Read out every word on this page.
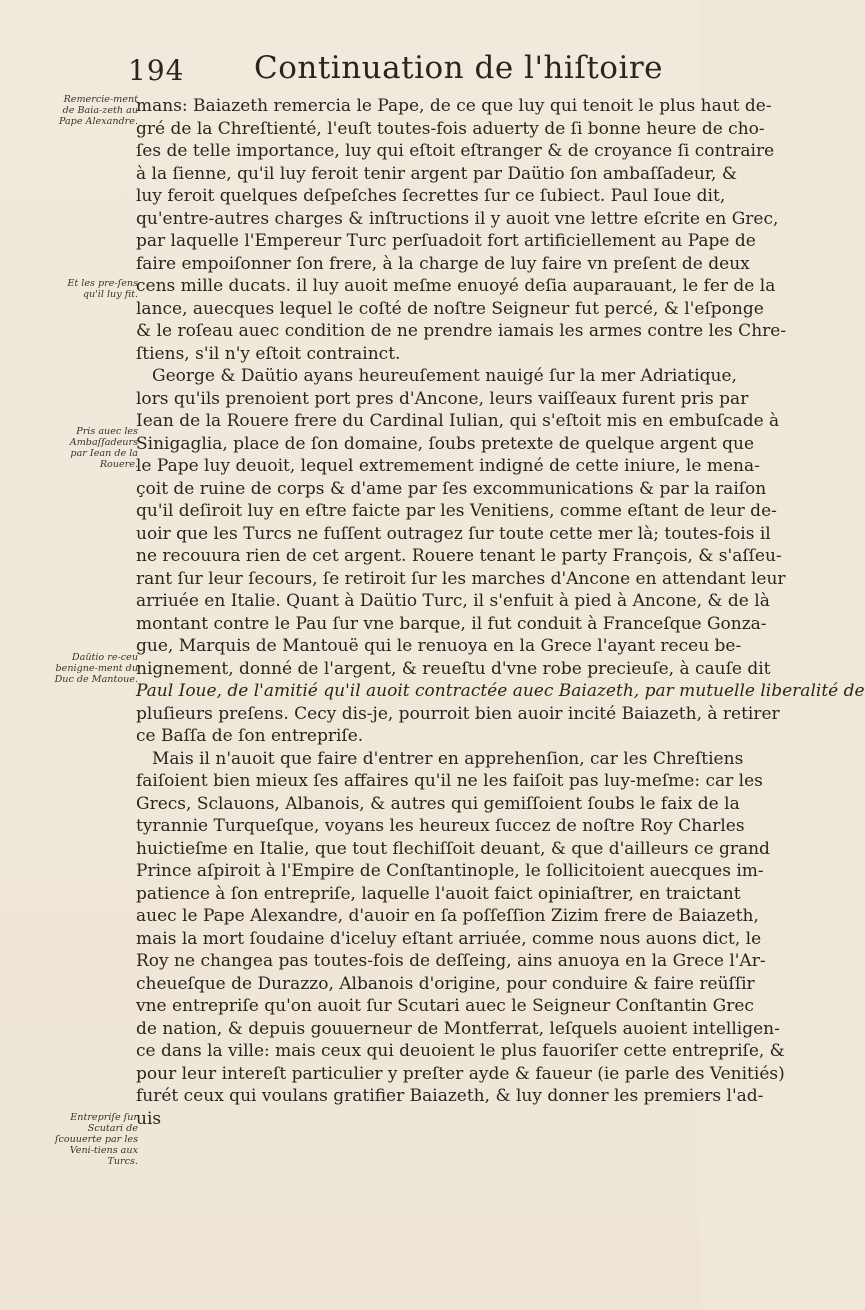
194 Continuation de l'hiſtoire
Remercie-ment de Baia-zeth au Pape Alexandre.
Et les pre-ſens qu'il luy fit.
Pris auec les Ambaſſadeurs par Iean de la Rouere.
Daütio re-ceu benigne-ment du Duc de Mantoue.
Entrepriſe ſur Scutari de ſcouuerte par les Veni-tiens aux Turcs.
mans: Baiazeth remercia le Pape, de ce que luy qui tenoit le plus haut de-
gré de la Chreſtienté, l'euſt toutes-fois aduerty de ſi bonne heure de cho-
ſes de telle importance, luy qui eſtoit eſtranger & de croyance ſi contraire
à la ſienne, qu'il luy feroit tenir argent par Daütio ſon ambaſſadeur, &
luy feroit quelques deſpeſches ſecrettes ſur ce ſubiect. Paul Ioue dit,
qu'entre-autres charges & inſtructions il y auoit vne lettre eſcrite en Grec,
par laquelle l'Empereur Turc perſuadoit fort artificiellement au Pape de
faire empoiſonner ſon frere, à la charge de luy faire vn preſent de deux
cens mille ducats. il luy auoit meſme enuoyé deſia auparauant, le fer de la
lance, auecques lequel le coſté de noſtre Seigneur fut percé, & l'eſponge
& le roſeau auec condition de ne prendre iamais les armes contre les Chre-
ſtiens, s'il n'y eſtoit contrainct.
George & Daütio ayans heureuſement nauigé ſur la mer Adriatique,
lors qu'ils prenoient port pres d'Ancone, leurs vaiſſeaux furent pris par
Iean de la Rouere frere du Cardinal Iulian, qui s'eſtoit mis en embuſcade à
Sinigaglia, place de ſon domaine, ſoubs pretexte de quelque argent que
le Pape luy deuoit, lequel extremement indigné de cette iniure, le mena-
çoit de ruine de corps & d'ame par ſes excommunications & par la raiſon
qu'il deſiroit luy en eſtre faicte par les Venitiens, comme eſtant de leur de-
uoir que les Turcs ne fuſſent outragez ſur toute cette mer là; toutes-fois il
ne recouura rien de cet argent. Rouere tenant le party François, & s'aſſeu-
rant ſur leur ſecours, ſe retiroit ſur les marches d'Ancone en attendant leur
arriuée en Italie. Quant à Daütio Turc, il s'enfuit à pied à Ancone, & de là
montant contre le Pau ſur vne barque, il fut conduit à Franceſque Gonza-
gue, Marquis de Mantouë qui le renuoya en la Grece l'ayant receu be-
nignement, donné de l'argent, & reueſtu d'vne robe precieuſe, à cauſe dit
Paul Ioue, de l'amitié qu'il auoit contractée auec Baiazeth, par mutuelle liberalité de
pluſieurs preſens. Cecy dis-je, pourroit bien auoir incité Baiazeth, à retirer
ce Baſſa de ſon entrepriſe.
Mais il n'auoit que faire d'entrer en apprehenſion, car les Chreſtiens
faiſoient bien mieux ſes affaires qu'il ne les faiſoit pas luy-meſme: car les
Grecs, Sclauons, Albanois, & autres qui gemiſſoient ſoubs le faix de la
tyrannie Turqueſque, voyans les heureux ſuccez de noſtre Roy Charles
huictieſme en Italie, que tout flechiſſoit deuant, & que d'ailleurs ce grand
Prince aſpiroit à l'Empire de Conſtantinople, le ſollicitoient auecques im-
patience à ſon entrepriſe, laquelle l'auoit faict opiniaſtrer, en traictant
auec le Pape Alexandre, d'auoir en ſa poſſeſſion Zizim frere de Baiazeth,
mais la mort ſoudaine d'iceluy eſtant arriuée, comme nous auons dict, le
Roy ne changea pas toutes-fois de deſſeing, ains anuoya en la Grece l'Ar-
cheueſque de Durazzo, Albanois d'origine, pour conduire & faire reüſſir
vne entrepriſe qu'on auoit ſur Scutari auec le Seigneur Conſtantin Grec
de nation, & depuis gouuerneur de Montferrat, leſquels auoient intelligen-
ce dans la ville: mais ceux qui deuoient le plus fauoriſer cette entrepriſe, &
pour leur intereſt particulier y preſter ayde & faueur (ie parle des Venitiés)
furét ceux qui voulans gratifier Baiazeth, & luy donner les premiers l'ad-
uis
